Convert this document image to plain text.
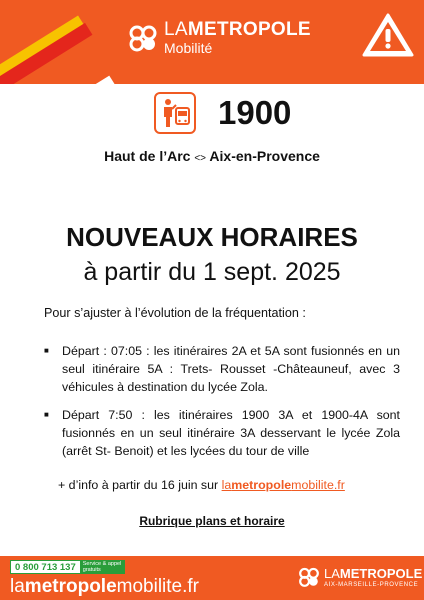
LAMETROPOLE
Mobilité
1900
Haut de l’Arc <> Aix-en-Provence
NOUVEAUX HORAIRES
à partir du 1 sept. 2025
Pour s’ajuster à l’évolution de la fréquentation :
■	Départ : 07:05 : les itinéraires 2A et 5A sont fusionnés en un seul itinéraire 5A : Trets- Rousset -Châteauneuf, avec 3 véhicules à destination du lycée Zola.
■	Départ 7:50 : les itinéraires 1900 3A et 1900-4A sont fusionnés en un seul itinéraire 3A desservant le lycée Zola (arrêt St- Benoit) et les lycées du tour de ville
+ d’info à partir du 16 juin sur lametropolemobilite.fr
Rubrique plans et horaire
0 800 713 137	Service & appel
gratuits
lametropolemobilite.fr
LAMETROPOLE
AIX-MARSEILLE-PROVENCE
